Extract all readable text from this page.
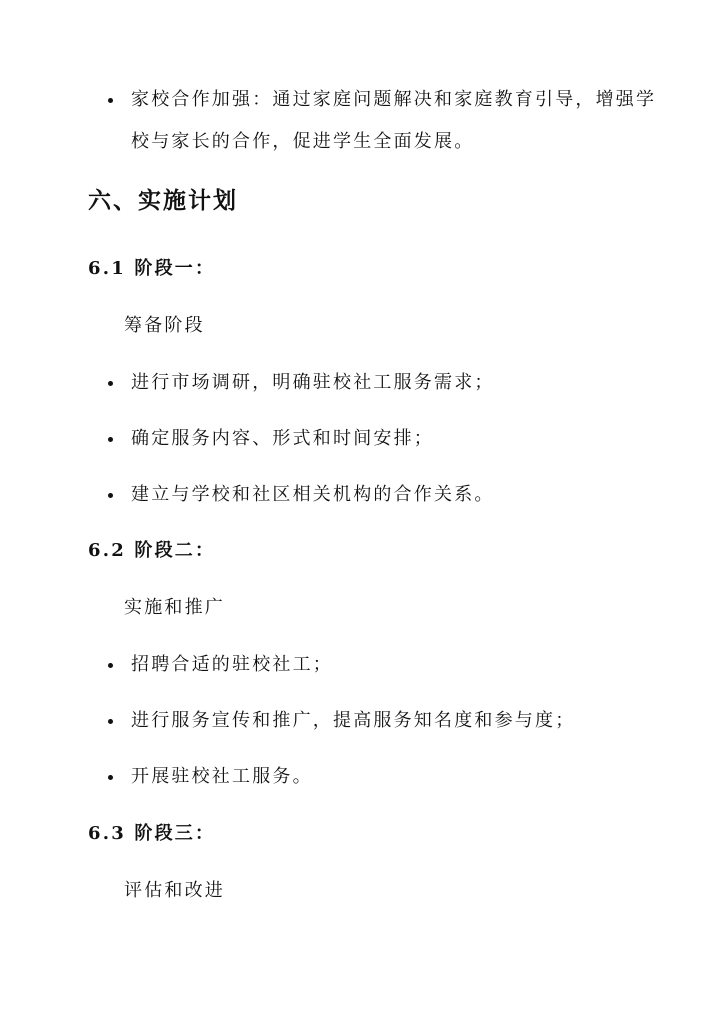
家校合作加强：通过家庭问题解决和家庭教育引导，增强学
校与家长的合作，促进学生全面发展。
六、实施计划
6.1 阶段一：
筹备阶段
进行市场调研，明确驻校社工服务需求；
确定服务内容、形式和时间安排；
建立与学校和社区相关机构的合作关系。
6.2 阶段二：
实施和推广
招聘合适的驻校社工；
进行服务宣传和推广，提高服务知名度和参与度；
开展驻校社工服务。
6.3 阶段三：
评估和改进
